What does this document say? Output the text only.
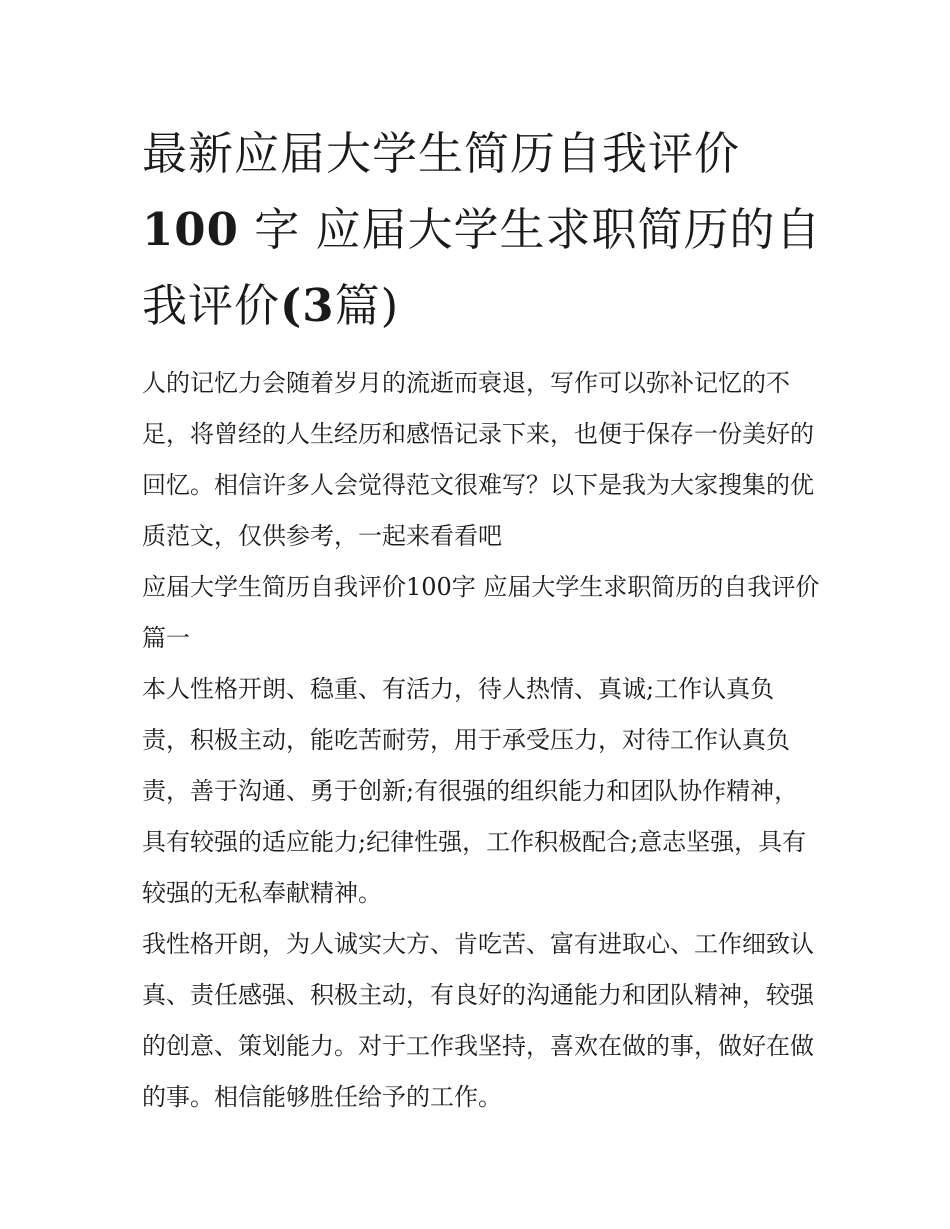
最新应届大学生简历自我评价
100 字 应届大学生求职简历的自我评价(3篇)

人的记忆力会随着岁月的流逝而衰退，写作可以弥补记忆的不足，将曾经的人生经历和感悟记录下来，也便于保存一份美好的回忆。相信许多人会觉得范文很难写？以下是我为大家搜集的优质范文，仅供参考，一起来看看吧

应届大学生简历自我评价100字 应届大学生求职简历的自我评价篇一

本人性格开朗、稳重、有活力，待人热情、真诚;工作认真负责，积极主动，能吃苦耐劳，用于承受压力，对待工作认真负责，善于沟通、勇于创新;有很强的组织能力和团队协作精神，具有较强的适应能力;纪律性强，工作积极配合;意志坚强，具有较强的无私奉献精神。

我性格开朗，为人诚实大方、肯吃苦、富有进取心、工作细致认真、责任感强、积极主动，有良好的沟通能力和团队精神，较强的创意、策划能力。对于工作我坚持，喜欢在做的事，做好在做的事。相信能够胜任给予的工作。
